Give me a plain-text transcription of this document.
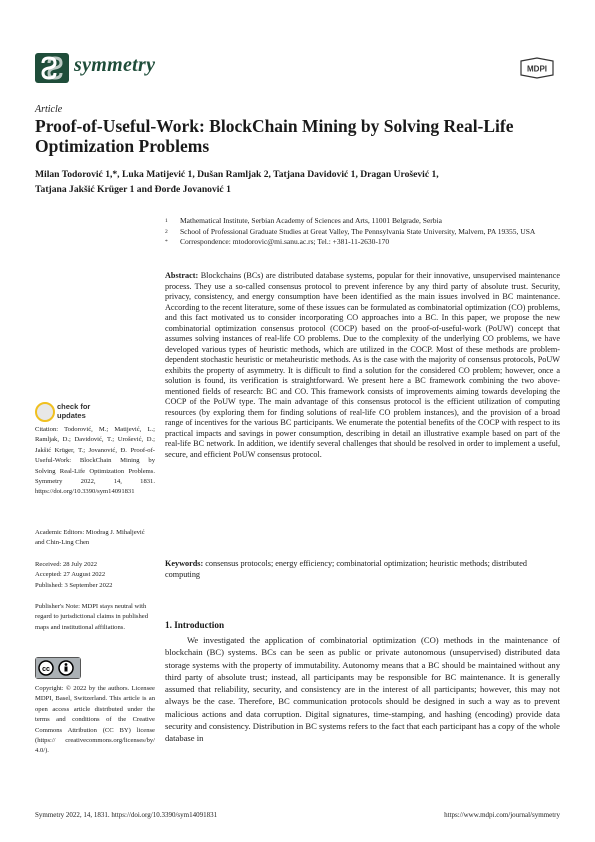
symmetry	MDPI
Article
Proof-of-Useful-Work: BlockChain Mining by Solving Real-Life Optimization Problems
Milan Todorović 1,*, Luka Matijević 1, Dušan Ramljak 2, Tatjana Davidović 1, Dragan Urošević 1,
Tatjana Jakšić Krüger 1 and Đorđe Jovanović 1
1	Mathematical Institute, Serbian Academy of Sciences and Arts, 11001 Belgrade, Serbia
2	School of Professional Graduate Studies at Great Valley, The Pennsylvania State University, Malvern, PA 19355, USA
*	Correspondence: mtodorovic@mi.sanu.ac.rs; Tel.: +381-11-2630-170
Abstract: Blockchains (BCs) are distributed database systems, popular for their innovative, unsupervised maintenance process. They use a so-called consensus protocol to prevent inference by any third party of absolute trust. Security, privacy, consistency, and energy consumption have been identified as the main issues involved in BC maintenance. According to the recent literature, some of these issues can be formulated as combinatorial optimization (CO) problems, and this fact motivated us to consider incorporating CO approaches into a BC. In this paper, we propose the new combinatorial optimization consensus protocol (COCP) based on the proof-of-useful-work (PoUW) concept that assumes solving instances of real-life CO problems. Due to the complexity of the underlying CO problems, we have developed various types of heuristic methods, which are utilized in the COCP. Most of these methods are problem-dependent stochastic heuristic or metaheuristic methods. As is the case with the majority of consensus protocols, PoUW exhibits the property of asymmetry. It is difficult to find a solution for the considered CO problem; however, once a solution is found, its verification is straightforward. We present here a BC framework combining the two above-mentioned fields of research: BC and CO. This framework consists of improvements aiming towards developing the COCP of the PoUW type. The main advantage of this consensus protocol is the efficient utilization of computing resources (by exploring them for finding solutions of real-life CO problem instances), and the provision of a broad range of incentives for the various BC participants. We enumerate the potential benefits of the COCP with respect to its practical impacts and savings in power consumption, describing in detail an illustrative example based on part of the real-life BC network. In addition, we identify several challenges that should be resolved in order to implement a useful, secure, and efficient PoUW consensus protocol.
Keywords: consensus protocols; energy efficiency; combinatorial optimization; heuristic methods; distributed computing
check for updates
Citation: Todorović, M.; Matijević, L.; Ramljak, D.; Davidović, T.; Urošević, D.; Jakšić Krüger, T.; Jovanović, Đ. Proof-of-Useful-Work: BlockChain Mining by Solving Real-Life Optimization Problems. Symmetry 2022, 14, 1831. https://doi.org/10.3390/sym14091831
Academic Editors: Miodrag J. Mihaljević and Chin-Ling Chen
Received: 28 July 2022
Accepted: 27 August 2022
Published: 3 September 2022
Publisher's Note: MDPI stays neutral with regard to jurisdictional claims in published maps and institutional affiliations.
cc
Copyright: © 2022 by the authors. Licensee MDPI, Basel, Switzerland. This article is an open access article distributed under the terms and conditions of the Creative Commons Attribution (CC BY) license (https:// creativecommons.org/licenses/by/ 4.0/).
1. Introduction
We investigated the application of combinatorial optimization (CO) methods in the maintenance of blockchain (BC) systems. BCs can be seen as public or private autonomous (unsupervised) distributed data storage systems with the property of immutability. Autonomy means that a BC should be maintained without any third party of absolute trust; instead, all participants may be responsible for BC maintenance. It is generally assumed that reliability, security, and consistency are in the interest of all participants; however, this may not always be the case. Therefore, BC communication protocols should be designed in such a way as to prevent malicious actions and data corruption. Digital signatures, time-stamping, and hashing (encoding) provide data security and consistency. Distribution in BC systems refers to the fact that each participant has a copy of the whole database in
Symmetry 2022, 14, 1831. https://doi.org/10.3390/sym14091831	https://www.mdpi.com/journal/symmetry
